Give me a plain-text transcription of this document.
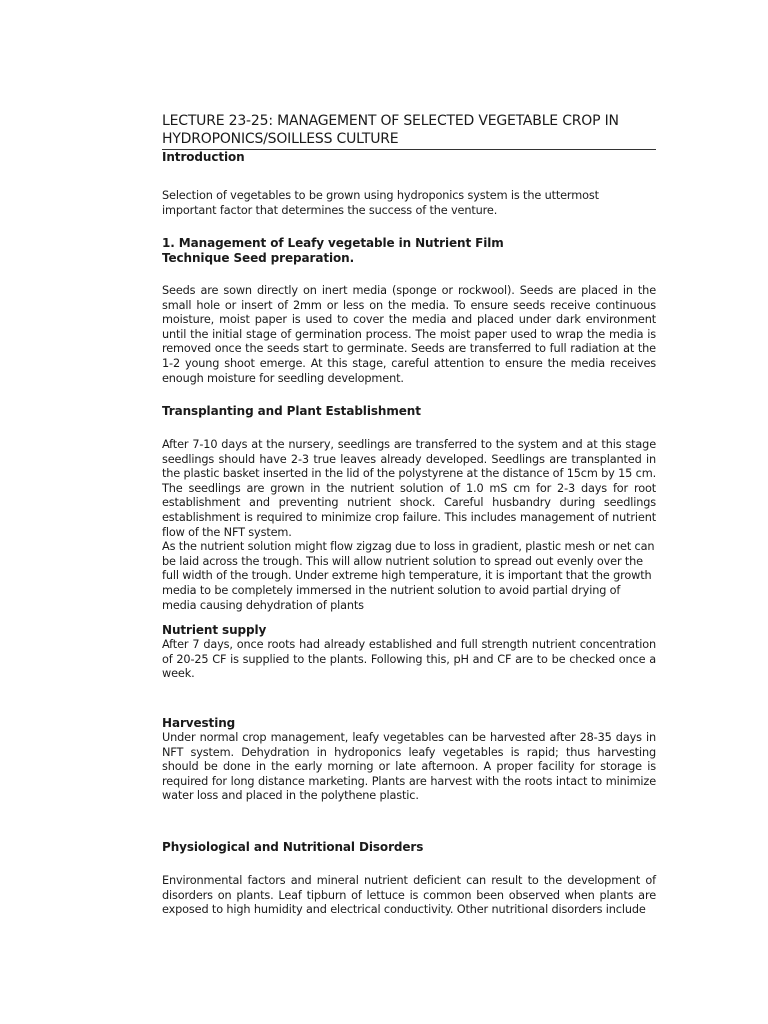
LECTURE 23-25: MANAGEMENT OF SELECTED VEGETABLE CROP IN

HYDROPONICS/SOILLESS CULTURE

Introduction

Selection of vegetables to be grown using hydroponics system is the uttermost important factor that determines the success of the venture.

1. Management of Leafy vegetable in Nutrient Film

Technique Seed preparation.

Seeds are sown directly on inert media (sponge or rockwool). Seeds are placed in the small hole or insert of 2mm or less on the media. To ensure seeds receive continuous moisture, moist paper is used to cover the media and placed under dark environment until the initial stage of germination process. The moist paper used to wrap the media is removed once the seeds start to germinate. Seeds are transferred to full radiation at the 1-2 young shoot emerge. At this stage, careful attention to ensure the media receives enough moisture for seedling development.

Transplanting and Plant Establishment

After 7-10 days at the nursery, seedlings are transferred to the system and at this stage seedlings should have 2-3 true leaves already developed. Seedlings are transplanted in the plastic basket inserted in the lid of the polystyrene at the distance of 15cm by 15 cm. The seedlings are grown in the nutrient solution of 1.0 mS cm for 2-3 days for root establishment and preventing nutrient shock. Careful husbandry during seedlings establishment is required to minimize crop failure. This includes management of nutrient flow of the NFT system.

As the nutrient solution might flow zigzag due to loss in gradient, plastic mesh or net can be laid across the trough. This will allow nutrient solution to spread out evenly over the full width of the trough. Under extreme high temperature, it is important that the growth media to be completely immersed in the nutrient solution to avoid partial drying of media causing dehydration of plants

Nutrient supply

After 7 days, once roots had already established and full strength nutrient concentration of 20-25 CF is supplied to the plants. Following this, pH and CF are to be checked once a week.

Harvesting

Under normal crop management, leafy vegetables can be harvested after 28-35 days in NFT system. Dehydration in hydroponics leafy vegetables is rapid; thus harvesting should be done in the early morning or late afternoon. A proper facility for storage is required for long distance marketing. Plants are harvest with the roots intact to minimize water loss and placed in the polythene plastic.

Physiological and Nutritional Disorders

Environmental factors and mineral nutrient deficient can result to the development of disorders on plants. Leaf tipburn of lettuce is common been observed when plants are exposed to high humidity and electrical conductivity. Other nutritional disorders include
